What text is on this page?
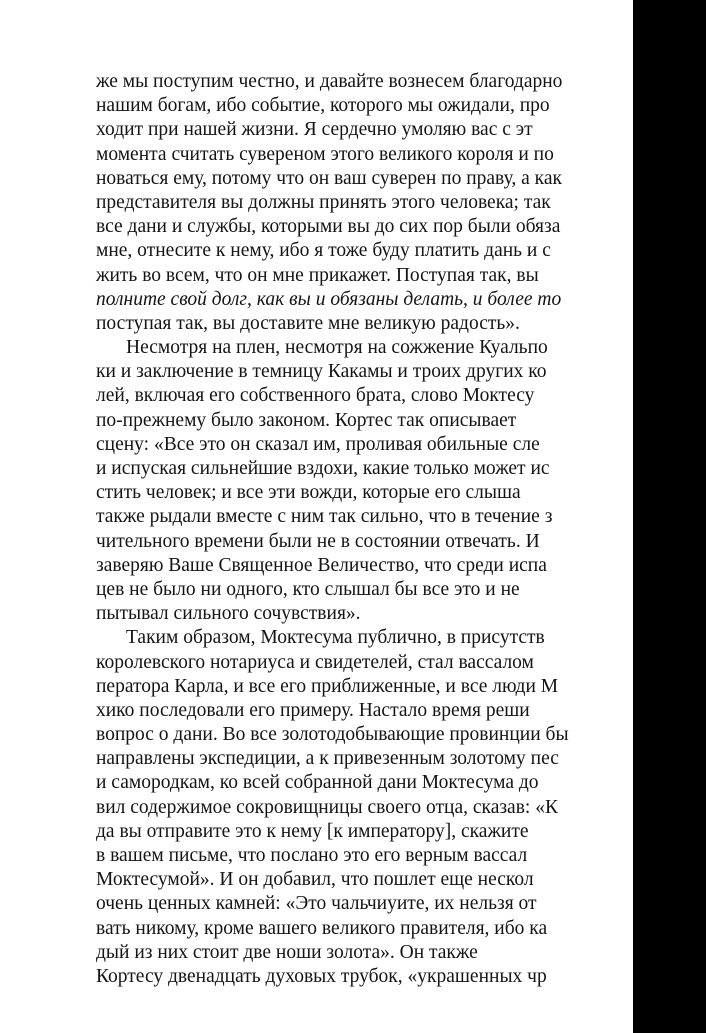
же мы поступим честно, и давайте вознесем благодарно
нашим богам, ибо событие, которого мы ожидали, про
ходит при нашей жизни. Я сердечно умоляю вас с эт
момента считать сувереном этого великого короля и по
новаться ему, потому что он ваш суверен по праву, а как
представителя вы должны принять этого человека; так
все дани и службы, которыми вы до сих пор были обяза
мне, отнесите к нему, ибо я тоже буду платить дань и с
жить во всем, что он мне прикажет. Поступая так, вы
полните свой долг, как вы и обязаны делать, и более то
поступая так, вы доставите мне великую радость».
Несмотря на плен, несмотря на сожжение Куальпо
ки и заключение в темницу Какамы и троих других ко
лей, включая его собственного брата, слово Моктесу
по-прежнему было законом. Кортес так описывает
сцену: «Все это он сказал им, проливая обильные сле
и испуская сильнейшие вздохи, какие только может ис
стить человек; и все эти вожди, которые его слыша
также рыдали вместе с ним так сильно, что в течение з
чительного времени были не в состоянии отвечать. И
заверяю Ваше Священное Величество, что среди испа
цев не было ни одного, кто слышал бы все это и не
пытывал сильного сочувствия».
Таким образом, Моктесума публично, в присутств
королевского нотариуса и свидетелей, стал вассалом
ператора Карла, и все его приближенные, и все люди М
хико последовали его примеру. Настало время реши
вопрос о дани. Во все золотодобывающие провинции бы
направлены экспедиции, а к привезенным золотому пес
и самородкам, ко всей собранной дани Моктесума до
вил содержимое сокровищницы своего отца, сказав: «К
да вы отправите это к нему [к императору], скажите
в вашем письме, что послано это его верным вассал
Моктесумой». И он добавил, что пошлет еще нескол
очень ценных камней: «Это чальчиуите, их нельзя от
вать никому, кроме вашего великого правителя, ибо ка
дый из них стоит две ноши золота». Он также
Кортесу двенадцать духовых трубок, «украшенных чр
